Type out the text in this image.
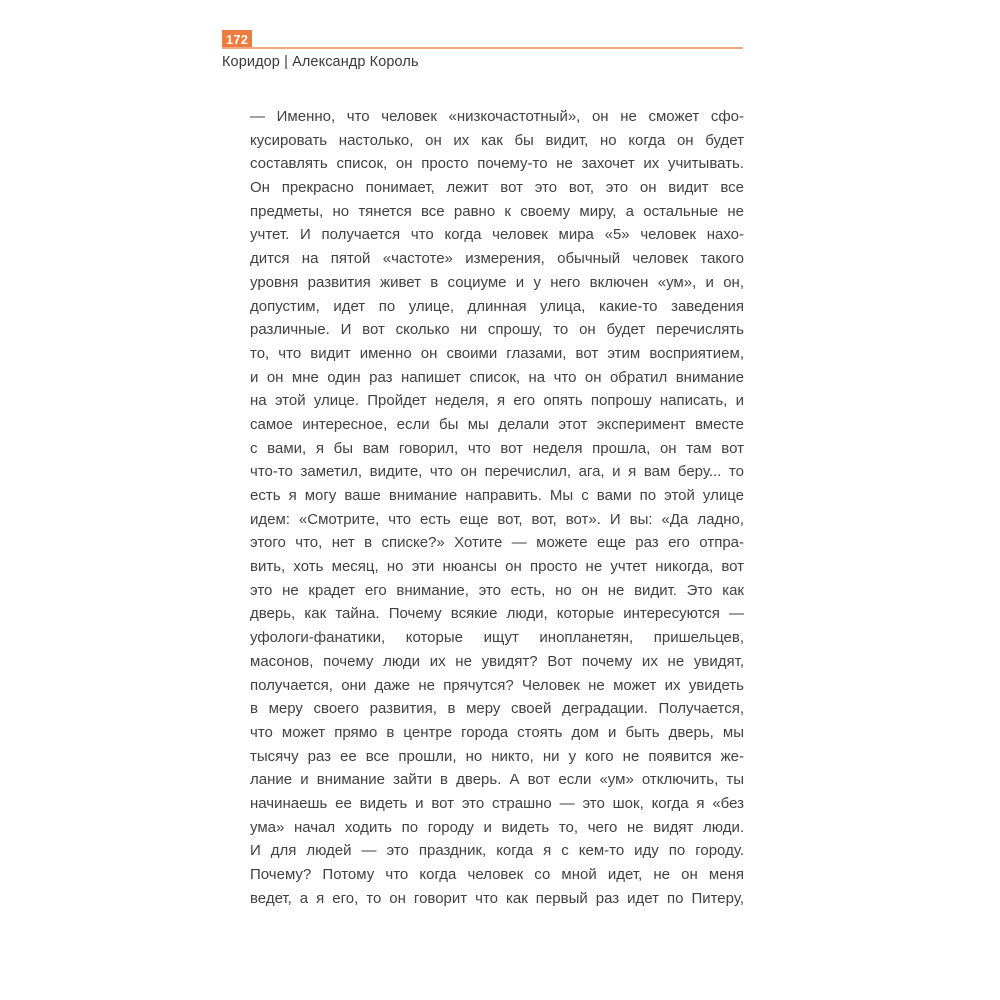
172
Коридор | Александр Король
— Именно, что человек «низкочастотный», он не сможет сфо-
кусировать настолько, он их как бы видит, но когда он будет
составлять список, он просто почему-то не захочет их учитывать.
Он прекрасно понимает, лежит вот это вот, это он видит все
предметы, но тянется все равно к своему миру, а остальные не
учтет. И получается что когда человек мира «5» человек нахо-
дится на пятой «частоте» измерения, обычный человек такого
уровня развития живет в социуме и у него включен «ум», и он,
допустим, идет по улице, длинная улица, какие-то заведения
различные. И вот сколько ни спрошу, то он будет перечислять
то, что видит именно он своими глазами, вот этим восприятием,
и он мне один раз напишет список, на что он обратил внимание
на этой улице. Пройдет неделя, я его опять попрошу написать, и
самое интересное, если бы мы делали этот эксперимент вместе
с вами, я бы вам говорил, что вот неделя прошла, он там вот
что-то заметил, видите, что он перечислил, ага, и я вам беру... то
есть я могу ваше внимание направить. Мы с вами по этой улице
идем: «Смотрите, что есть еще вот, вот, вот». И вы: «Да ладно,
этого что, нет в списке?» Хотите — можете еще раз его отпра-
вить, хоть месяц, но эти нюансы он просто не учтет никогда, вот
это не крадет его внимание, это есть, но он не видит. Это как
дверь, как тайна. Почему всякие люди, которые интересуются —
уфологи-фанатики, которые ищут инопланетян, пришельцев,
масонов, почему люди их не увидят? Вот почему их не увидят,
получается, они даже не прячутся? Человек не может их увидеть
в меру своего развития, в меру своей деградации. Получается,
что может прямо в центре города стоять дом и быть дверь, мы
тысячу раз ее все прошли, но никто, ни у кого не появится же-
лание и внимание зайти в дверь. А вот если «ум» отключить, ты
начинаешь ее видеть и вот это страшно — это шок, когда я «без
ума» начал ходить по городу и видеть то, чего не видят люди.
И для людей — это праздник, когда я с кем-то иду по городу.
Почему? Потому что когда человек со мной идет, не он меня
ведет, а я его, то он говорит что как первый раз идет по Питеру,
